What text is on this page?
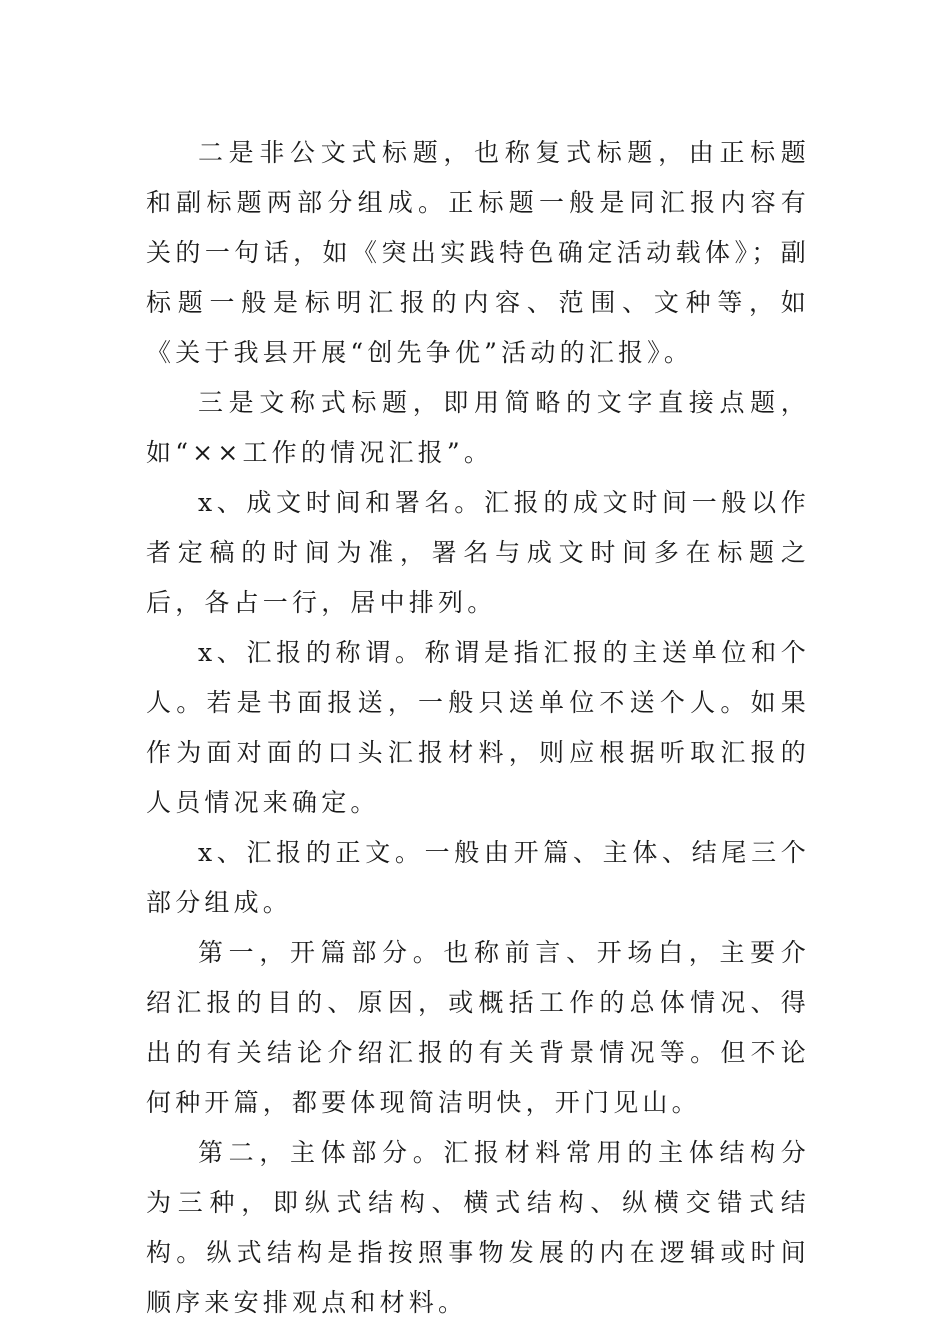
二是非公文式标题，也称复式标题，由正标题和副标题两部分组成。正标题一般是同汇报内容有关的一句话，如《突出实践特色确定活动载体》；副标题一般是标明汇报的内容、范围、文种等，如《关于我县开展“创先争优”活动的汇报》。

三是文称式标题，即用简略的文字直接点题，如“××工作的情况汇报”。

x、成文时间和署名。汇报的成文时间一般以作者定稿的时间为准，署名与成文时间多在标题之后，各占一行，居中排列。

x、汇报的称谓。称谓是指汇报的主送单位和个人。若是书面报送，一般只送单位不送个人。如果作为面对面的口头汇报材料，则应根据听取汇报的人员情况来确定。

x、汇报的正文。一般由开篇、主体、结尾三个部分组成。

第一，开篇部分。也称前言、开场白，主要介绍汇报的目的、原因，或概括工作的总体情况、得出的有关结论介绍汇报的有关背景情况等。但不论何种开篇，都要体现简洁明快，开门见山。

第二，主体部分。汇报材料常用的主体结构分为三种，即纵式结构、横式结构、纵横交错式结构。纵式结构是指按照事物发展的内在逻辑或时间顺序来安排观点和材料。
